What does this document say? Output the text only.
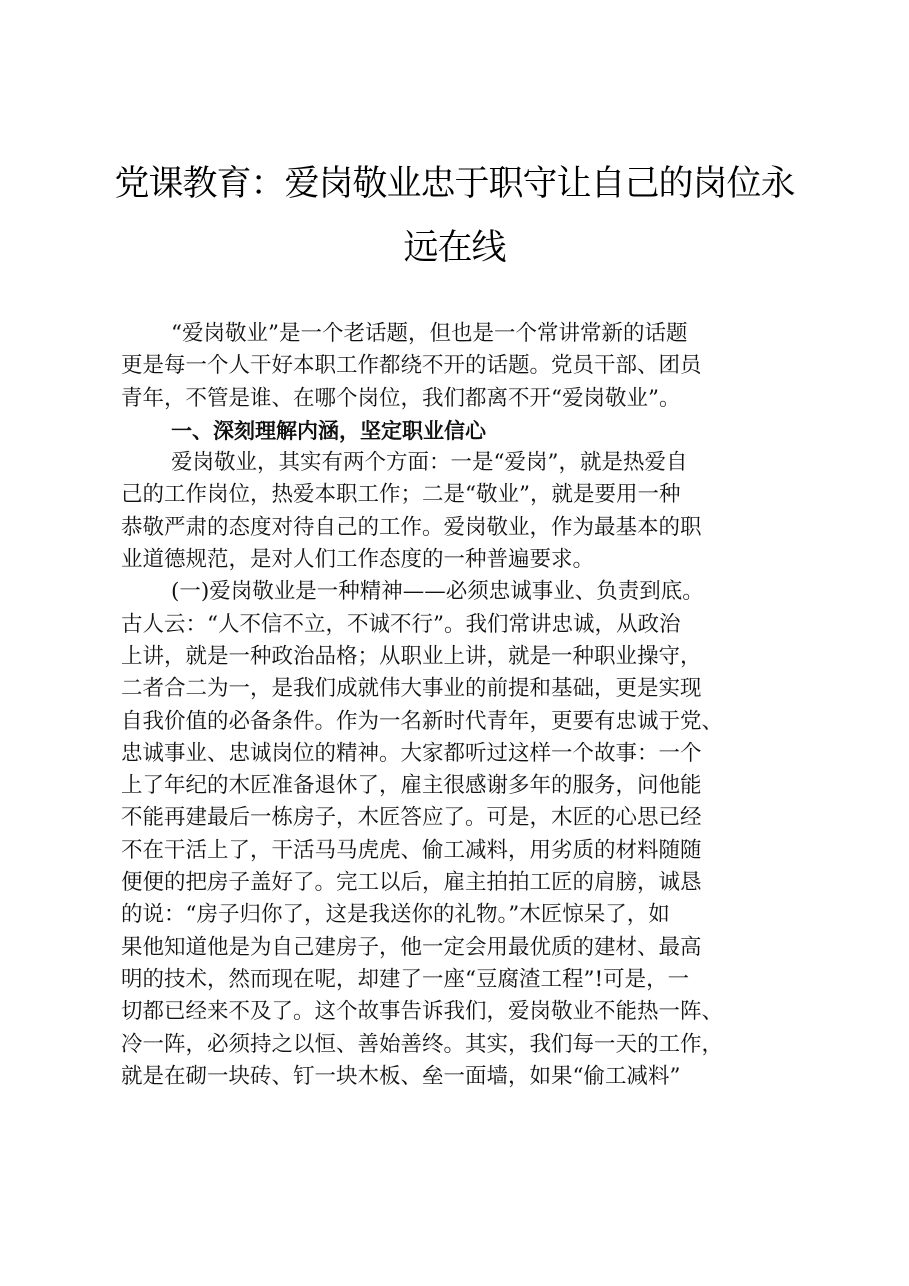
党课教育：爱岗敬业忠于职守让自己的岗位永
远在线
“爱岗敬业”是一个老话题，但也是一个常讲常新的话题
更是每一个人干好本职工作都绕不开的话题。党员干部、团员
青年，不管是谁、在哪个岗位，我们都离不开“爱岗敬业”。
一、深刻理解内涵，坚定职业信心
爱岗敬业，其实有两个方面：一是“爱岗”，就是热爱自
己的工作岗位，热爱本职工作；二是“敬业”，就是要用一种
恭敬严肃的态度对待自己的工作。爱岗敬业，作为最基本的职
业道德规范，是对人们工作态度的一种普遍要求。
(一)爱岗敬业是一种精神——必须忠诚事业、负责到底。
古人云：“人不信不立，不诚不行”。我们常讲忠诚，从政治
上讲，就是一种政治品格；从职业上讲，就是一种职业操守，
二者合二为一，是我们成就伟大事业的前提和基础，更是实现
自我价值的必备条件。作为一名新时代青年，更要有忠诚于党、
忠诚事业、忠诚岗位的精神。大家都听过这样一个故事：一个
上了年纪的木匠准备退休了，雇主很感谢多年的服务，问他能
不能再建最后一栋房子，木匠答应了。可是，木匠的心思已经
不在干活上了，干活马马虎虎、偷工减料，用劣质的材料随随
便便的把房子盖好了。完工以后，雇主拍拍工匠的肩膀，诚恳
的说：“房子归你了，这是我送你的礼物。”木匠惊呆了，如
果他知道他是为自己建房子，他一定会用最优质的建材、最高
明的技术，然而现在呢，却建了一座“豆腐渣工程”!可是，一
切都已经来不及了。这个故事告诉我们，爱岗敬业不能热一阵、
冷一阵，必须持之以恒、善始善终。其实，我们每一天的工作，
就是在砌一块砖、钉一块木板、垒一面墙，如果“偷工减料”
